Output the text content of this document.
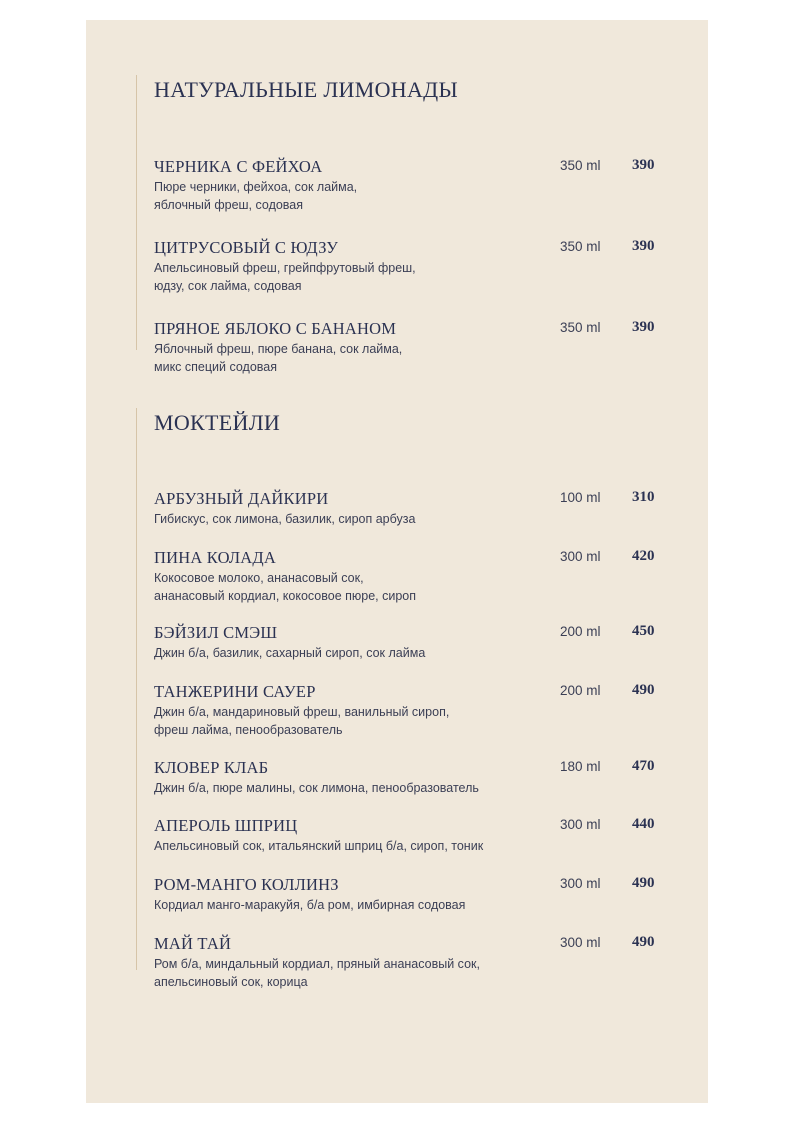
НАТУРАЛЬНЫЕ ЛИМОНАДЫ
ЧЕРНИКА С ФЕЙХОА	350 ml 390
Пюре черники, фейхоа, сок лайма,
яблочный фреш, содовая
ЦИТРУСОВЫЙ С ЮДЗУ	350 ml 390
Апельсиновый фреш, грейпфрутовый фреш,
юдзу, сок лайма, содовая
ПРЯНОЕ ЯБЛОКО С БАНАНОМ	350 ml 390
Яблочный фреш, пюре банана, сок лайма,
микс специй содовая
МОКТЕЙЛИ
АРБУЗНЫЙ ДАЙКИРИ	100 ml 310
Гибискус, сок лимона, базилик, сироп арбуза
ПИНА КОЛАДА	300 ml 420
Кокосовое молоко, ананасовый сок,
ананасовый кордиал, кокосовое пюре, сироп
БЭЙЗИЛ СМЭШ	200 ml 450
Джин б/а, базилик, сахарный сироп, сок лайма
ТАНЖЕРИНИ САУЕР	200 ml 490
Джин б/а, мандариновый фреш, ванильный сироп,
фреш лайма, пенообразователь
КЛОВЕР КЛАБ	180 ml 470
Джин б/а, пюре малины, сок лимона, пенообразователь
АПЕРОЛЬ ШПРИЦ	300 ml 440
Апельсиновый сок, итальянский шприц б/а, сироп, тоник
РОМ-МАНГО КОЛЛИНЗ	300 ml 490
Кордиал манго-маракуйя, б/а ром, имбирная содовая
МАЙ ТАЙ	300 ml 490
Ром б/а, миндальный кордиал, пряный ананасовый сок,
апельсиновый сок, корица
